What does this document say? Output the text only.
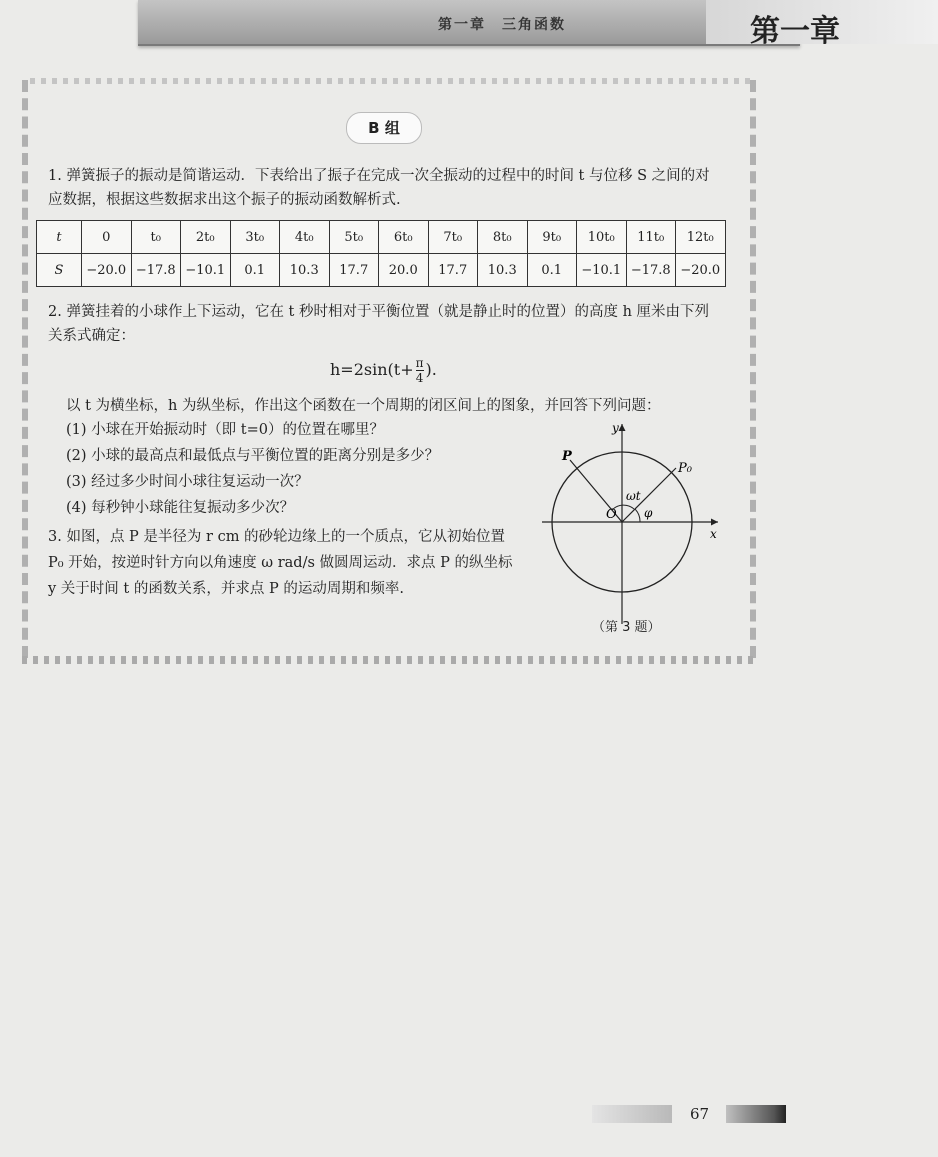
第一章　三角函数	第一章
B 组
1. 弹簧振子的振动是简谐运动．下表给出了振子在完成一次全振动的过程中的时间 t 与位移 S 之间的对应数据，根据这些数据求出这个振子的振动函数解析式.
t	0	t₀	2t₀	3t₀	4t₀	5t₀	6t₀	7t₀	8t₀	9t₀	10t₀	11t₀	12t₀
S	−20.0	−17.8	−10.1	0.1	10.3	17.7	20.0	17.7	10.3	0.1	−10.1	−17.8	−20.0
2. 弹簧挂着的小球作上下运动，它在 t 秒时相对于平衡位置（就是静止时的位置）的高度 h 厘米由下列关系式确定：
$h=2\sin(t+ \frac{\pi}{4}$ ).
以 t 为横坐标，h 为纵坐标，作出这个函数在一个周期的闭区间上的图象，并回答下列问题：
(1) 小球在开始振动时（即 t=0）的位置在哪里？
(2) 小球的最高点和最低点与平衡位置的距离分别是多少？
(3) 经过多少时间小球往复运动一次？
(4) 每秒钟小球能往复振动多少次？
3. 如图，点 P 是半径为 r cm 的砂轮边缘上的一个质点，它从初始位置 P₀ 开始，按逆时针方向以角速度 ω rad/s 做圆周运动．求点 P 的纵坐标 y 关于时间 t 的函数关系，并求点 P 的运动周期和频率.
y
x
O
P
P₀
ωt
φ
（第 3 题）
67
